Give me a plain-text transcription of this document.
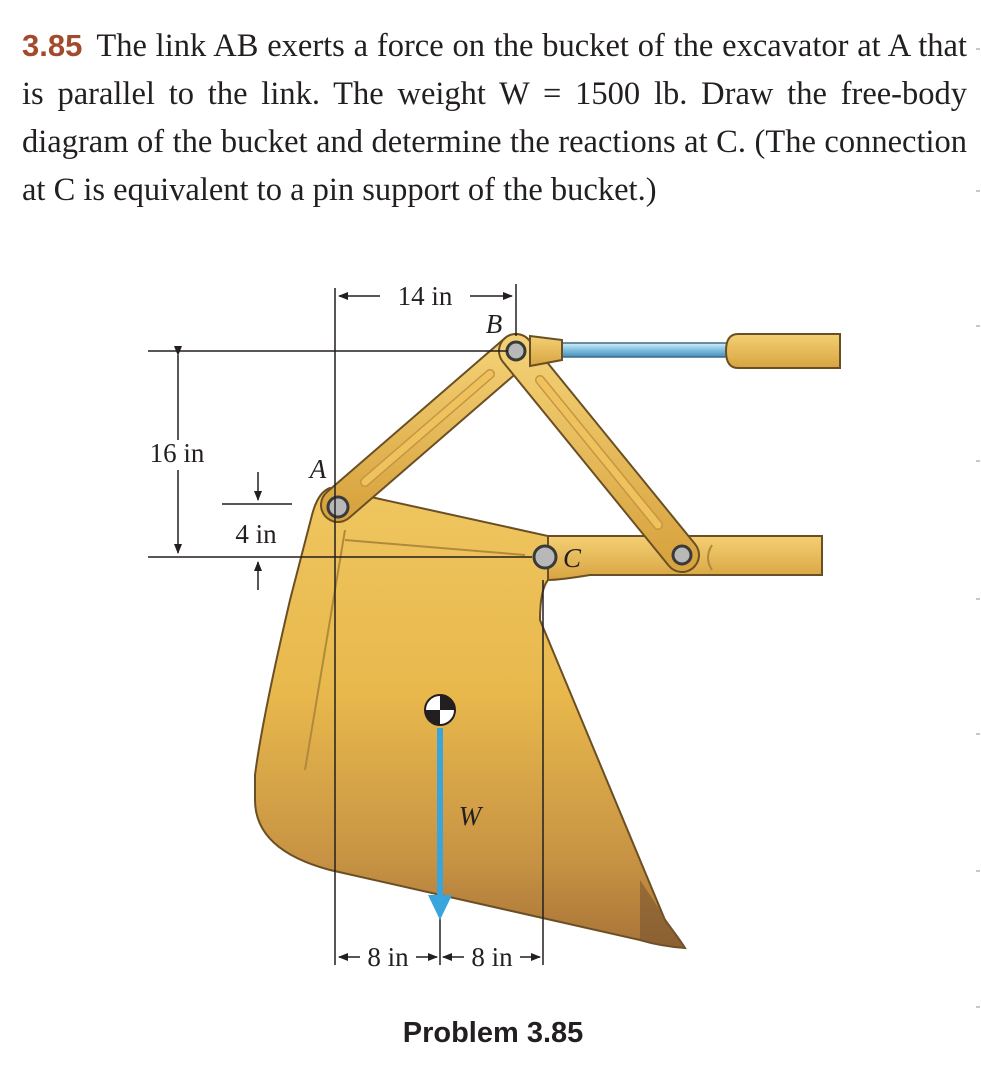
3.85 The link AB exerts a force on the bucket of the excavator at A that is parallel to the link. The weight W = 1500 lb. Draw the free-body diagram of the bucket and determine the reactions at C. (The connection at C is equivalent to a pin support of the bucket.)
14 in
16 in
4 in
8 in 8 in
A
B
C
W
Problem 3.85
